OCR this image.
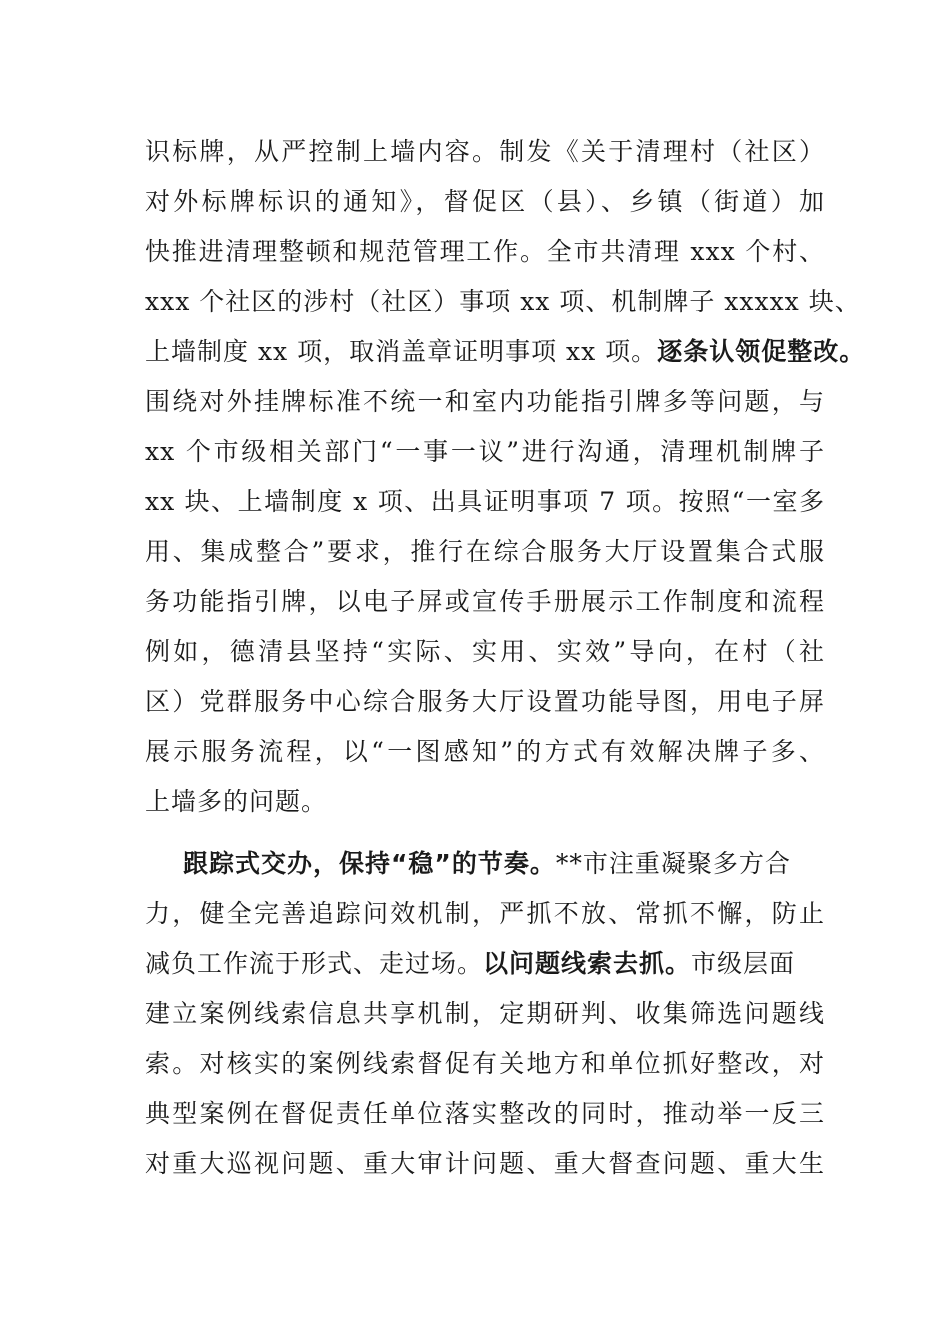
识标牌，从严控制上墙内容。制发《关于清理村（社区）
对外标牌标识的通知》，督促区（县）、乡镇（街道）加
快推进清理整顿和规范管理工作。全市共清理 xxx 个村、
xxx 个社区的涉村（社区）事项 xx 项、机制牌子 xxxxx 块、
上墙制度 xx 项，取消盖章证明事项 xx 项。逐条认领促整改。
围绕对外挂牌标准不统一和室内功能指引牌多等问题，与
xx 个市级相关部门“一事一议”进行沟通，清理机制牌子
xx 块、上墙制度 x 项、出具证明事项 7 项。按照“一室多
用、集成整合”要求，推行在综合服务大厅设置集合式服
务功能指引牌，以电子屏或宣传手册展示工作制度和流程
例如，德清县坚持“实际、实用、实效”导向，在村（社
区）党群服务中心综合服务大厅设置功能导图，用电子屏
展示服务流程，以“一图感知”的方式有效解决牌子多、
上墙多的问题。
跟踪式交办，保持“稳”的节奏。**市注重凝聚多方合
力，健全完善追踪问效机制，严抓不放、常抓不懈，防止
减负工作流于形式、走过场。以问题线索去抓。市级层面
建立案例线索信息共享机制，定期研判、收集筛选问题线
索。对核实的案例线索督促有关地方和单位抓好整改，对
典型案例在督促责任单位落实整改的同时，推动举一反三
对重大巡视问题、重大审计问题、重大督查问题、重大生
